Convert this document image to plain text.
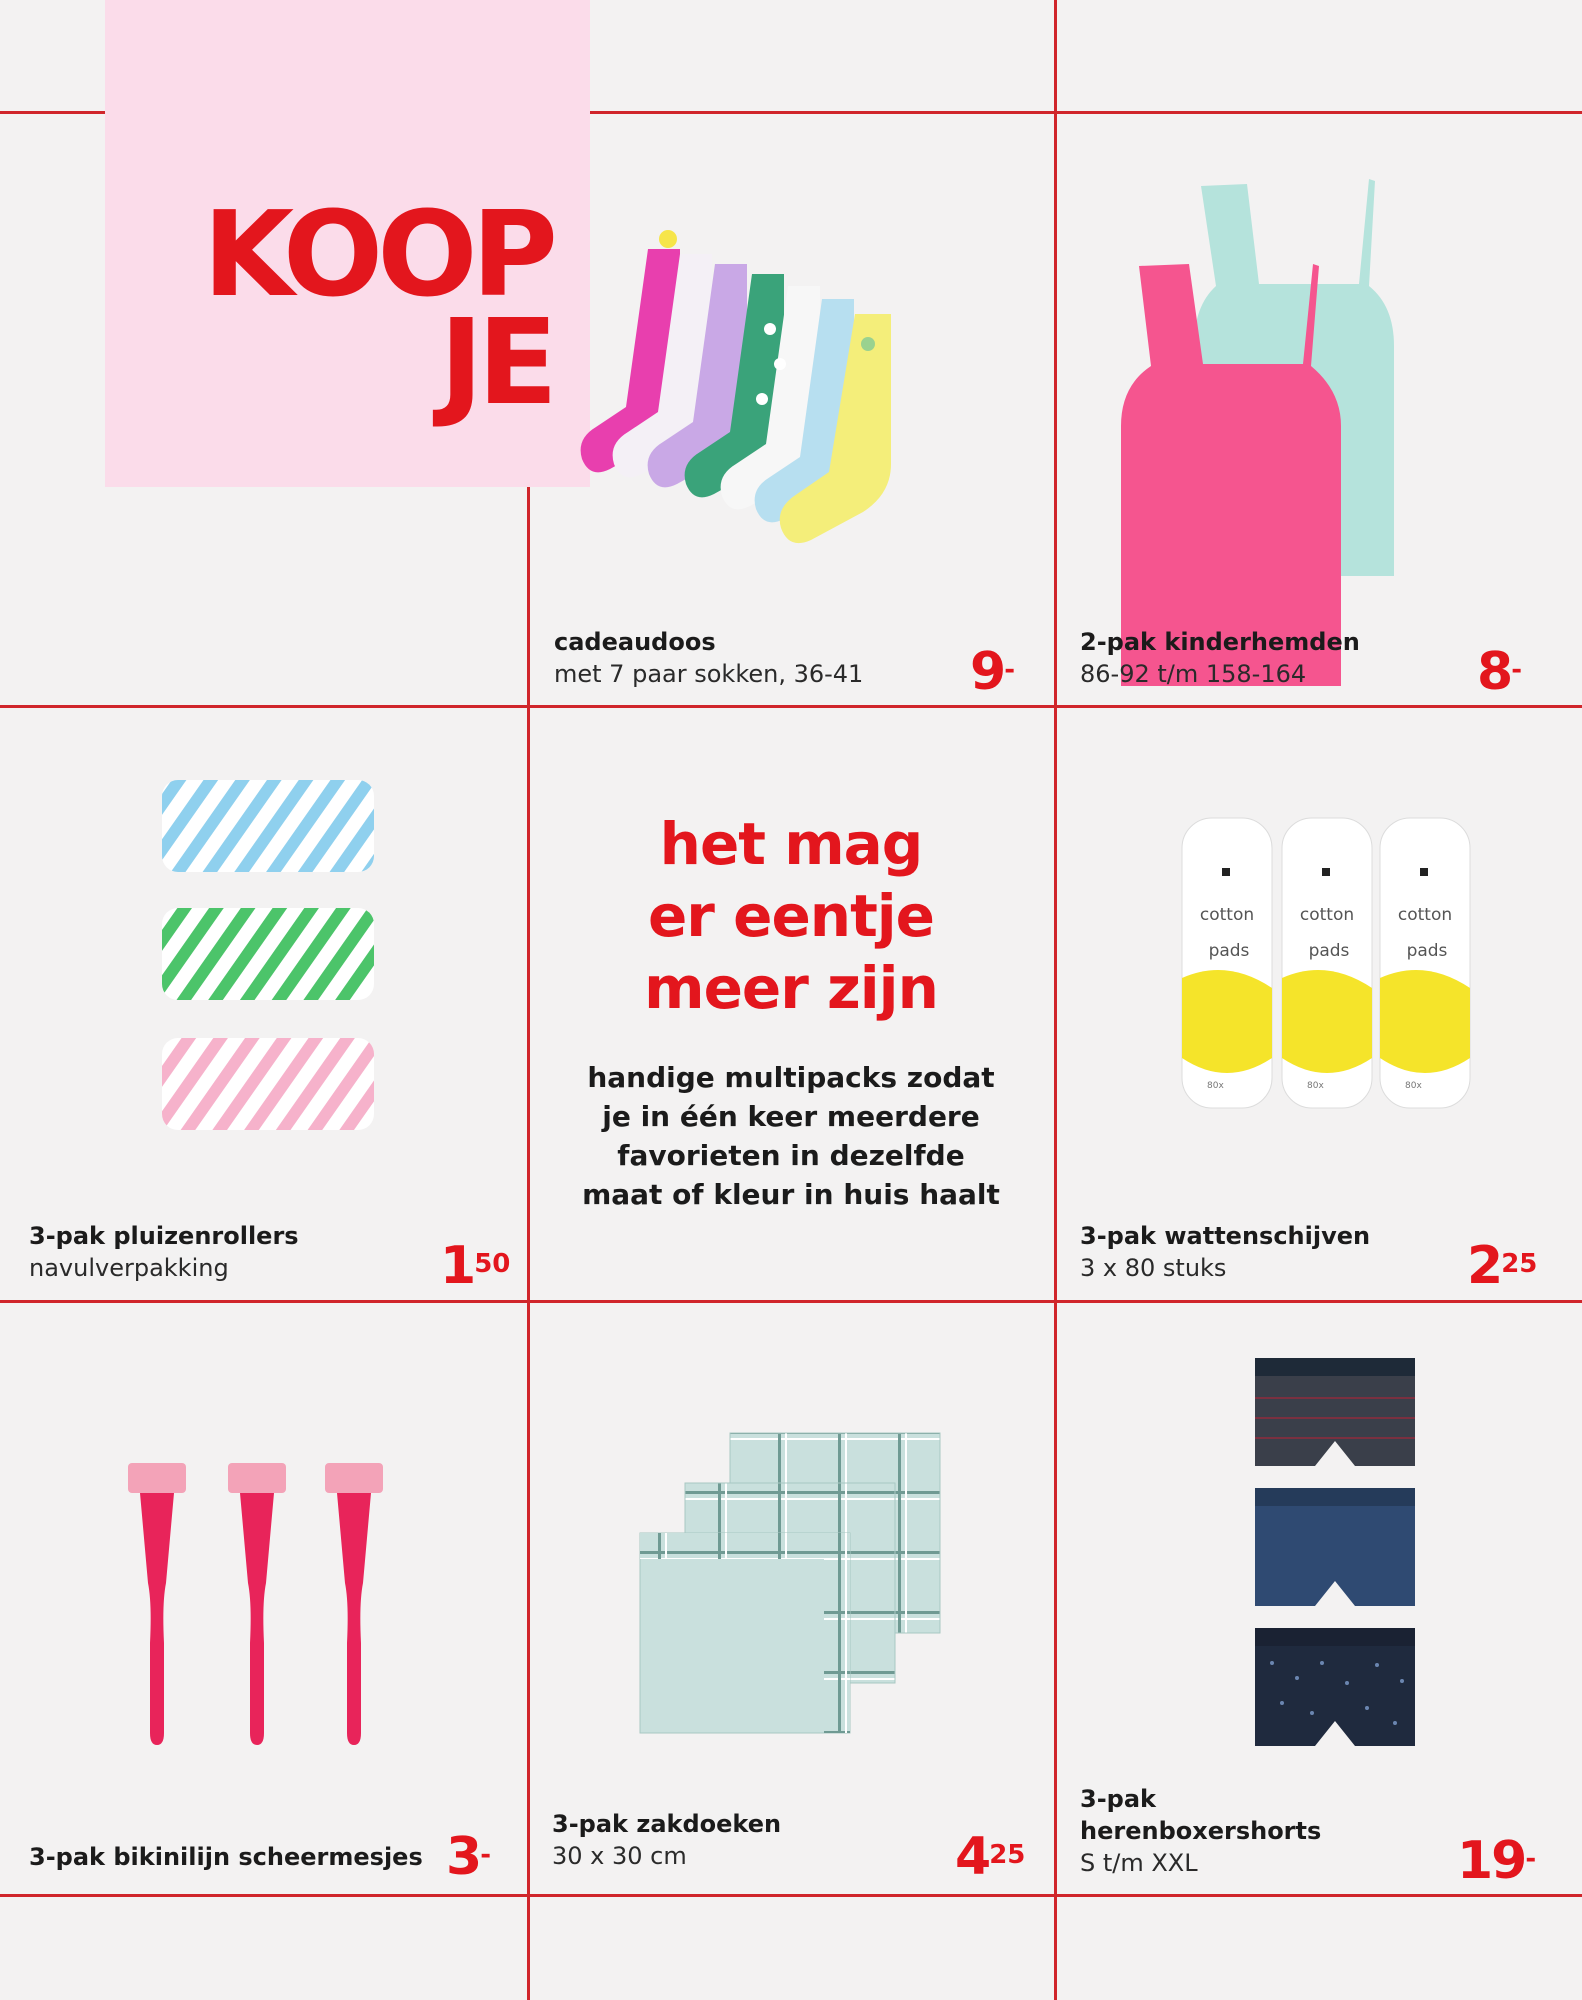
KOOP
JE
cadeaudoos
met 7 paar sokken, 36-41 9-
2-pak kinderhemden
86-92 t/m 158-164	8-
3-pak pluizenrollers
navulverpakking	$1^{50}$
het mag
er eentje
meer zijn
handige multipacks zodat
je in één keer meerdere
favorieten in dezelfde
maat of kleur in huis haalt
cotton	cotton	cotton
pads	pads	pads
80x	80x	80x
3-pak wattenschijven
3 x 80 stuks	$2^{25}$
3-pak bikinilijn scheermesjes 3-
3-pak zakdoeken
30 x 30 cm	$4^{25}$
3-pak
herenboxershorts
S t/m XXL	19-
